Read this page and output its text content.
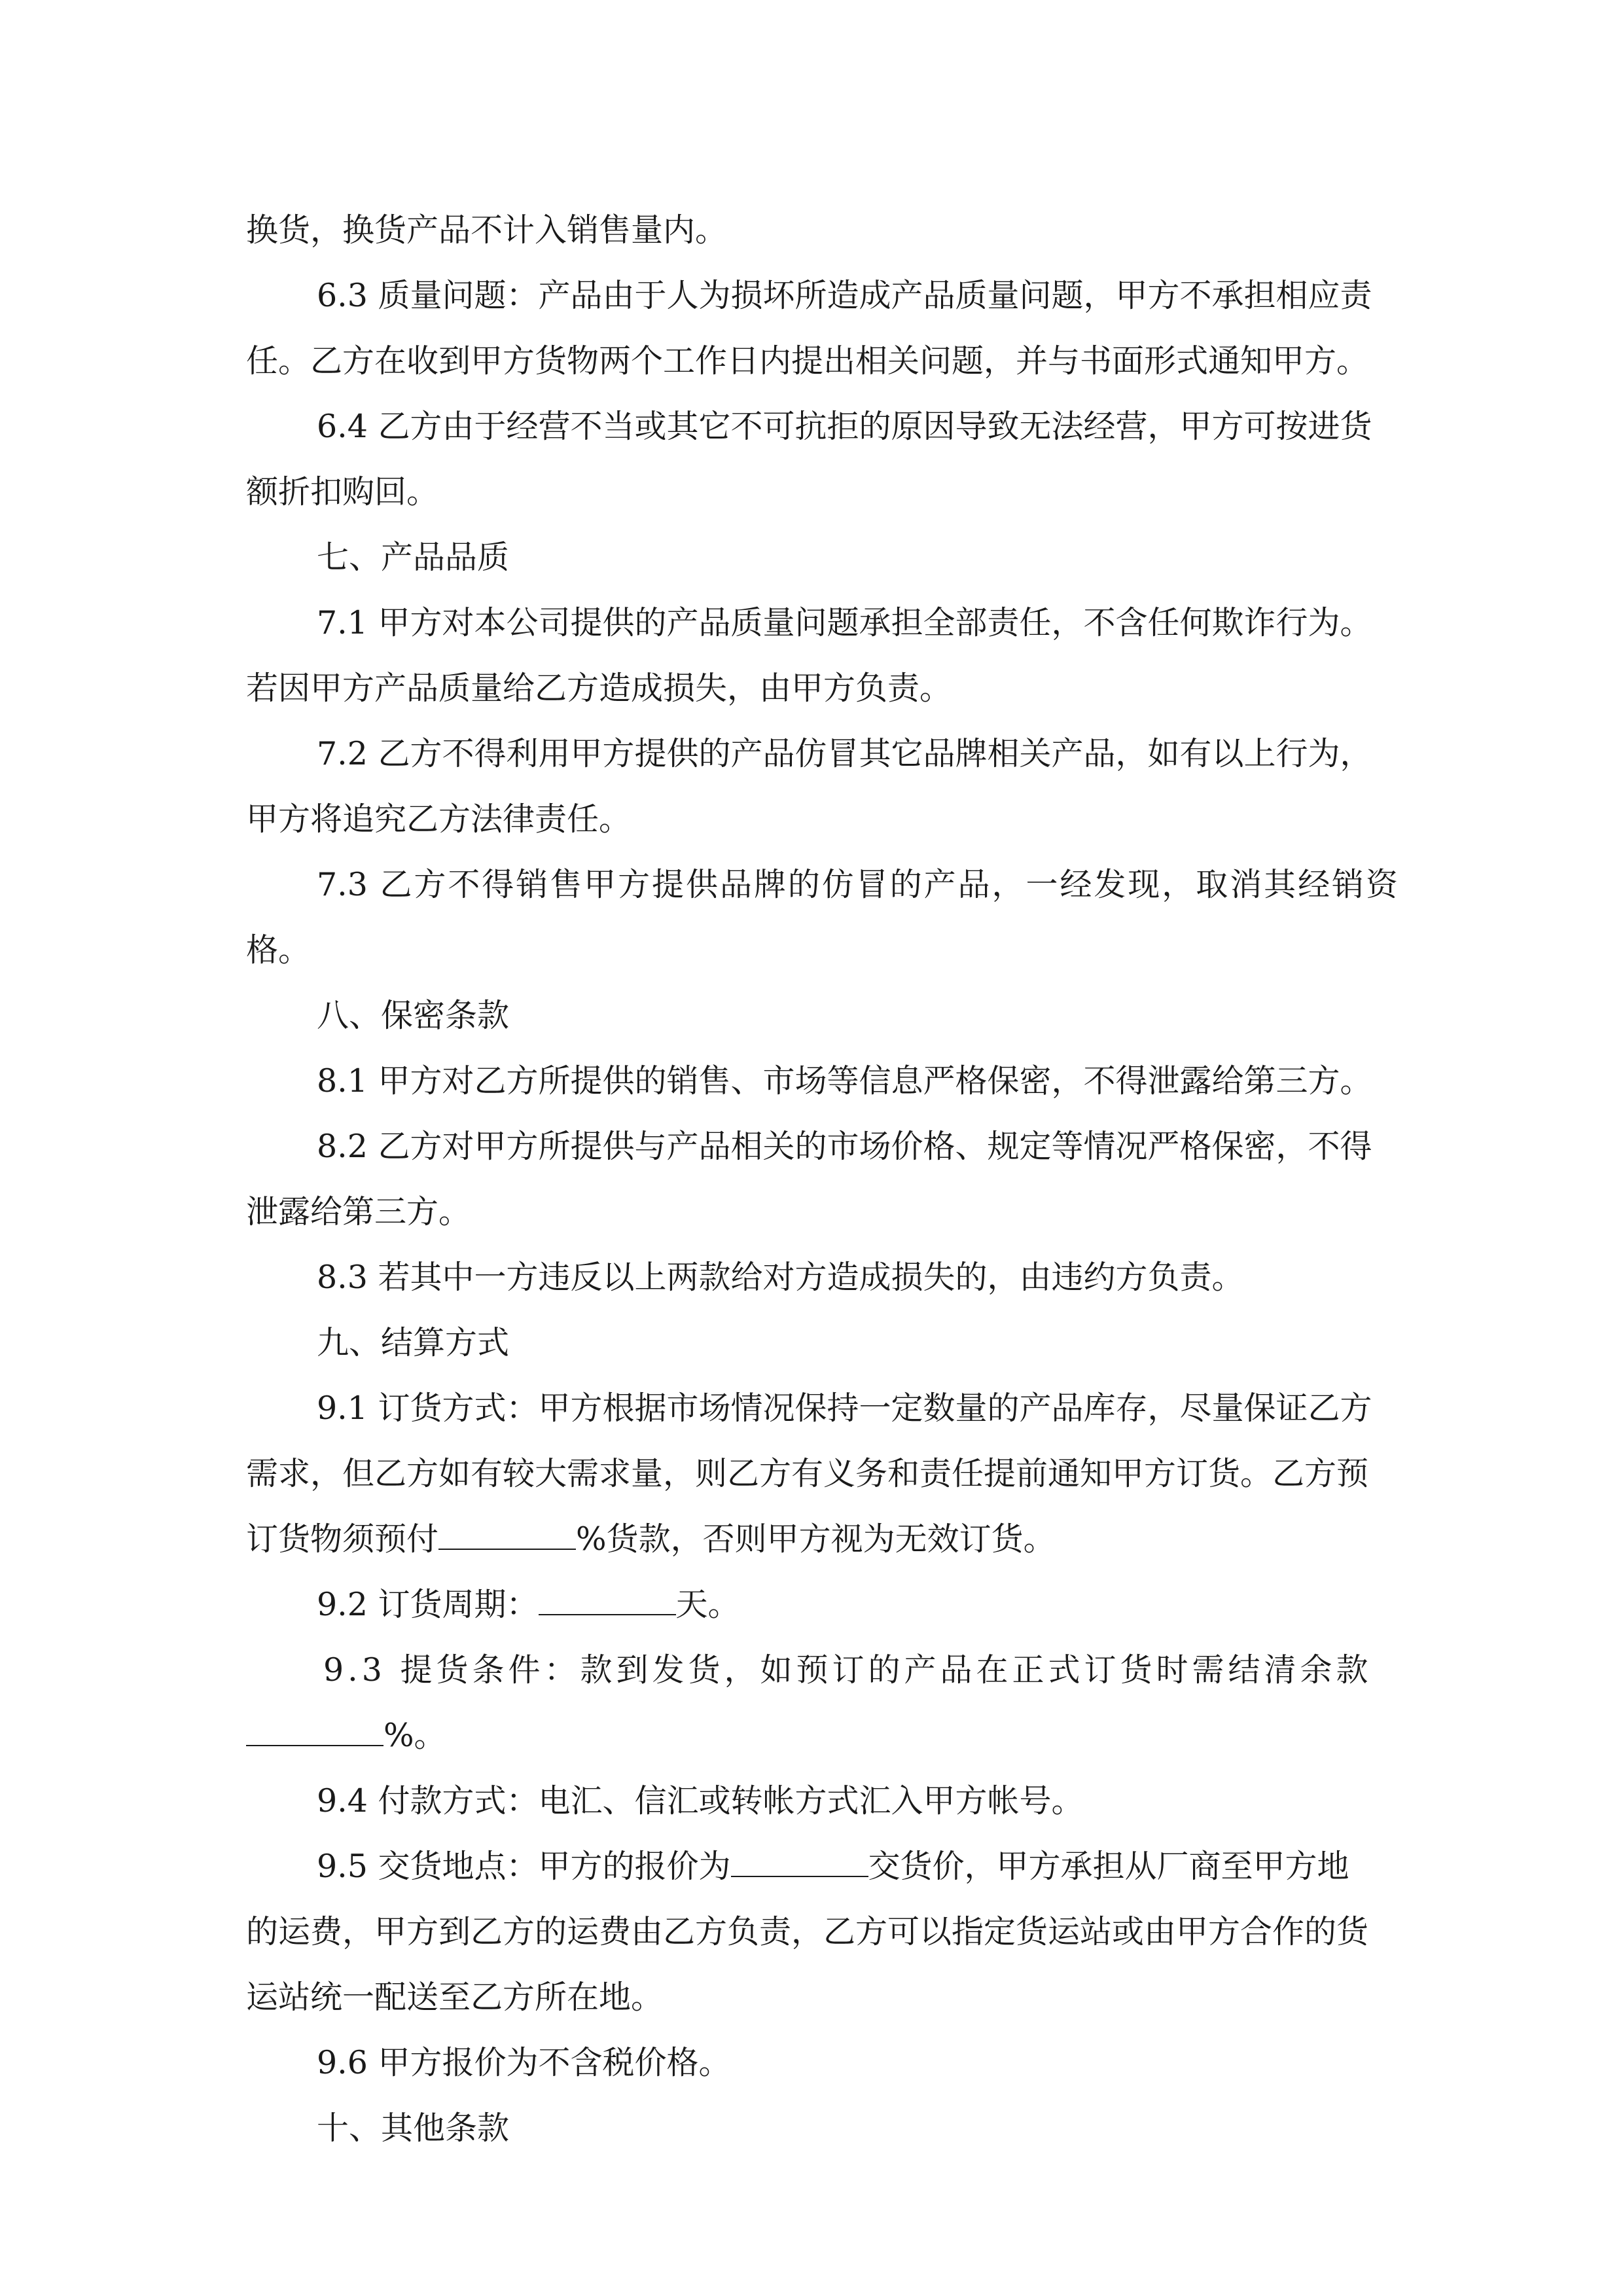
换货，换货产品不计入销售量内。

6.3 质量问题：产品由于人为损坏所造成产品质量问题，甲方不承担相应责

任。乙方在收到甲方货物两个工作日内提出相关问题，并与书面形式通知甲方。

6.4 乙方由于经营不当或其它不可抗拒的原因导致无法经营，甲方可按进货

额折扣购回。

七、产品品质

7.1 甲方对本公司提供的产品质量问题承担全部责任，不含任何欺诈行为。

若因甲方产品质量给乙方造成损失，由甲方负责。

7.2 乙方不得利用甲方提供的产品仿冒其它品牌相关产品，如有以上行为，

甲方将追究乙方法律责任。

7.3 乙方不得销售甲方提供品牌的仿冒的产品，一经发现，取消其经销资格。

八、保密条款

8.1 甲方对乙方所提供的销售、市场等信息严格保密，不得泄露给第三方。

8.2 乙方对甲方所提供与产品相关的市场价格、规定等情况严格保密，不得

泄露给第三方。

8.3 若其中一方违反以上两款给对方造成损失的，由违约方负责。

九、结算方式

9.1 订货方式：甲方根据市场情况保持一定数量的产品库存，尽量保证乙方

需求，但乙方如有较大需求量，则乙方有义务和责任提前通知甲方订货。乙方预

订货物须预付	%货款，否则甲方视为无效订货。

9.2 订货周期：	天。

9.3 提货条件：款到发货，如预订的产品在正式订货时需结清余款

%。

9.4 付款方式：电汇、信汇或转帐方式汇入甲方帐号。

9.5 交货地点：甲方的报价为	交货价，甲方承担从厂商至甲方地

的运费，甲方到乙方的运费由乙方负责，乙方可以指定货运站或由甲方合作的货

运站统一配送至乙方所在地。

9.6 甲方报价为不含税价格。

十、其他条款
